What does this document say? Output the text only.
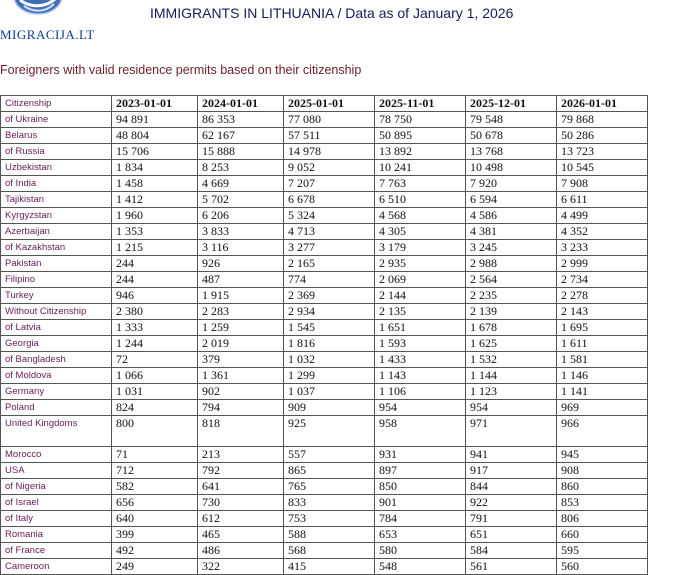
MIGRACIJA.LT
IMMIGRANTS IN LITHUANIA / Data as of January 1, 2026
Foreigners with valid residence permits based on their citizenship
Citizenship	2023-01-01	2024-01-01	2025-01-01	2025-11-01	2025-12-01	2026-01-01
of Ukraine	94 891	86 353	77 080	78 750	79 548	79 868
Belarus	48 804	62 167	57 511	50 895	50 678	50 286
of Russia	15 706	15 888	14 978	13 892	13 768	13 723
Uzbekistan	1 834	8 253	9 052	10 241	10 498	10 545
of India	1 458	4 669	7 207	7 763	7 920	7 908
Tajikistan	1 412	5 702	6 678	6 510	6 594	6 611
Kyrgyzstan	1 960	6 206	5 324	4 568	4 586	4 499
Azerbaijan	1 353	3 833	4 713	4 305	4 381	4 352
of Kazakhstan	1 215	3 116	3 277	3 179	3 245	3 233
Pakistan	244	926	2 165	2 935	2 988	2 999
Filipino	244	487	774	2 069	2 564	2 734
Turkey	946	1 915	2 369	2 144	2 235	2 278
Without Citizenship	2 380	2 283	2 934	2 135	2 139	2 143
of Latvia	1 333	1 259	1 545	1 651	1 678	1 695
Georgia	1 244	2 019	1 816	1 593	1 625	1 611
of Bangladesh	72	379	1 032	1 433	1 532	1 581
of Moldova	1 066	1 361	1 299	1 143	1 144	1 146
Germany	1 031	902	1 037	1 106	1 123	1 141
Poland	824	794	909	954	954	969
United Kingdoms	800	818	925	958	971	966
Morocco	71	213	557	931	941	945
USA	712	792	865	897	917	908
of Nigeria	582	641	765	850	844	860
of Israel	656	730	833	901	922	853
of Italy	640	612	753	784	791	806
Romania	399	465	588	653	651	660
of France	492	486	568	580	584	595
Cameroon	249	322	415	548	561	560
